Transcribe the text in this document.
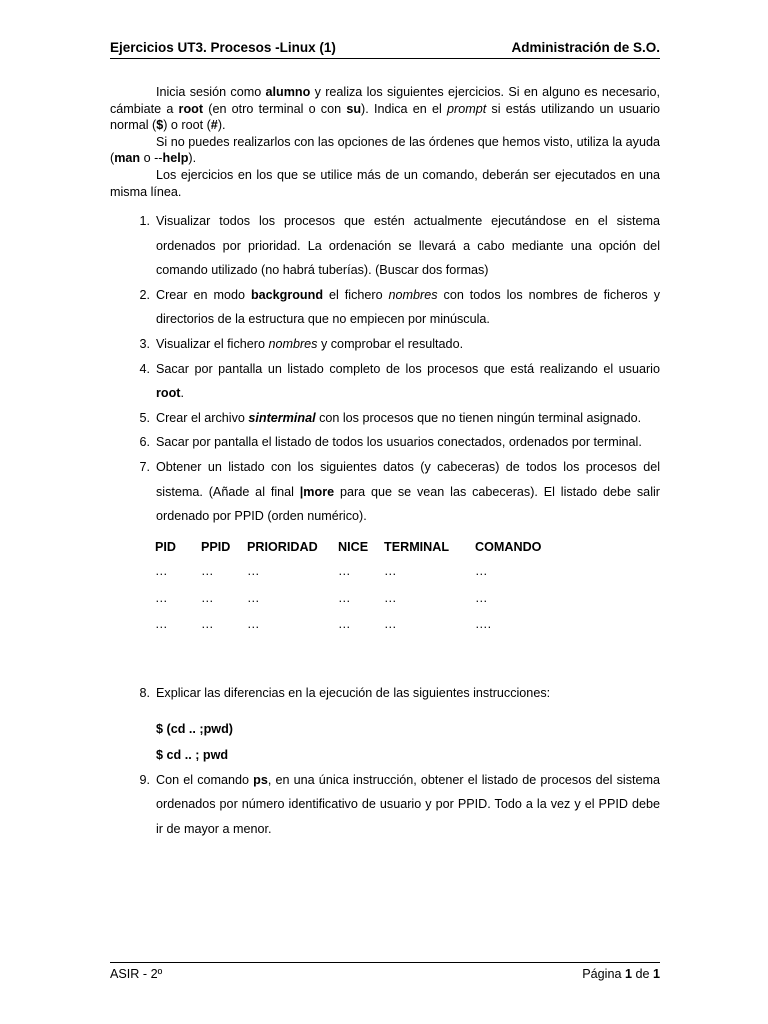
Ejercicios UT3. Procesos -Linux (1)	Administración de S.O.

Inicia sesión como alumno y realiza los siguientes ejercicios. Si en alguno es necesario, cámbiate a root (en otro terminal o con su). Indica en el prompt si estás utilizando un usuario normal ($) o root (#).

Si no puedes realizarlos con las opciones de las órdenes que hemos visto, utiliza la ayuda (man o --help).

Los ejercicios en los que se utilice más de un comando, deberán ser ejecutados en una misma línea.

1. Visualizar todos los procesos que estén actualmente ejecutándose en el sistema ordenados por prioridad. La ordenación se llevará a cabo mediante una opción del comando utilizado (no habrá tuberías). (Buscar dos formas)
2. Crear en modo background el fichero nombres con todos los nombres de ficheros y directorios de la estructura que no empiecen por minúscula.
3. Visualizar el fichero nombres y comprobar el resultado.
4. Sacar por pantalla un listado completo de los procesos que está realizando el usuario root.
5. Crear el archivo sinterminal con los procesos que no tienen ningún terminal asignado.
6. Sacar por pantalla el listado de todos los usuarios conectados, ordenados por terminal.
7. Obtener un listado con los siguientes datos (y cabeceras) de todos los procesos del sistema. (Añade al final |more para que se vean las cabeceras). El listado debe salir ordenado por PPID (orden numérico).
PID	PPID	PRIORIDAD	NICE	TERMINAL	COMANDO
…	…	…	…	…	…
…	…	…	…	…	…
…	…	…	…	…	….
8. Explicar las diferencias en la ejecución de las siguientes instrucciones:
$ (cd .. ;pwd)
$ cd .. ; pwd
9. Con el comando ps, en una única instrucción, obtener el listado de procesos del sistema ordenados por número identificativo de usuario y por PPID. Todo a la vez y el PPID debe ir de mayor a menor.
ASIR - 2º	Página 1 de 1
